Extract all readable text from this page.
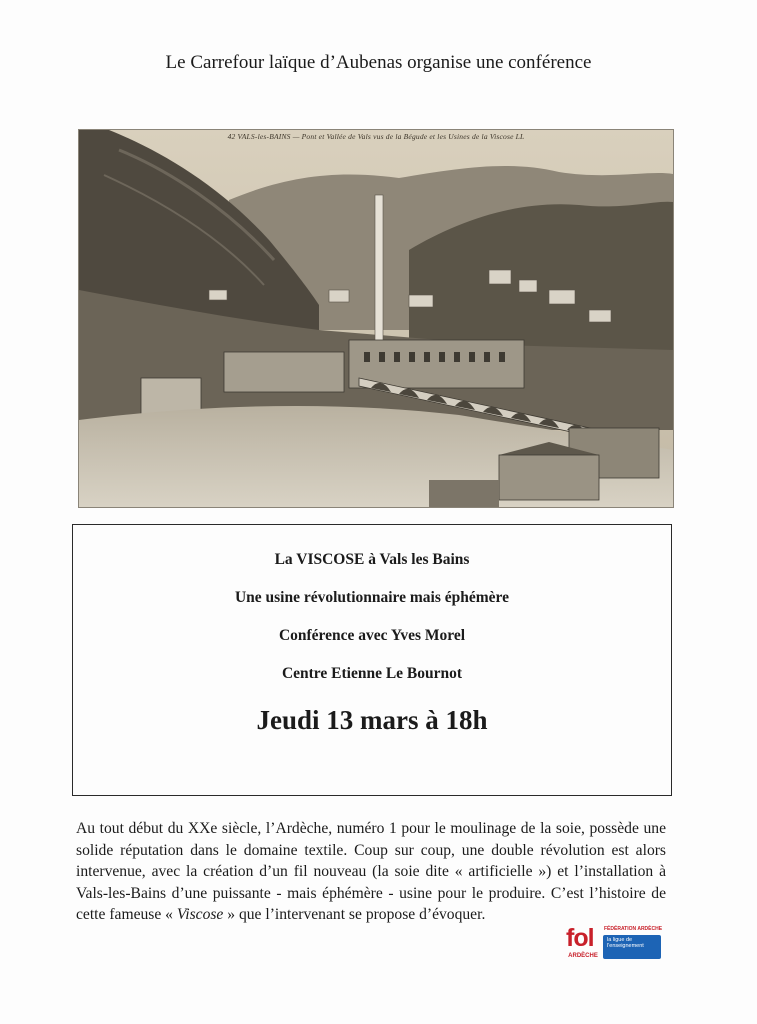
Le Carrefour laïque d’Aubenas organise une conférence
42 VALS-les-BAINS — Pont et Vallée de Vals vus de la Bégude et les Usines de la Viscose LL
La VISCOSE à Vals les Bains
Une usine révolutionnaire mais éphémère
Conférence avec Yves Morel
Centre Etienne Le Bournot
Jeudi 13 mars à 18h

Au tout début du XXe siècle, l’Ardèche, numéro 1 pour le moulinage de la soie, possède une solide réputation dans le domaine textile. Coup sur coup, une double révolution est alors intervenue, avec la création d’un fil nouveau (la soie dite « artificielle ») et l’installation à Vals-les-Bains d’une puissante - mais éphémère - usine pour le produire. C’est l’histoire de cette fameuse « Viscose » que l’intervenant se propose d’évoquer.

fol
ARDÈCHE
FÉDÉRATION ARDÈCHE
la ligue de l'enseignement
